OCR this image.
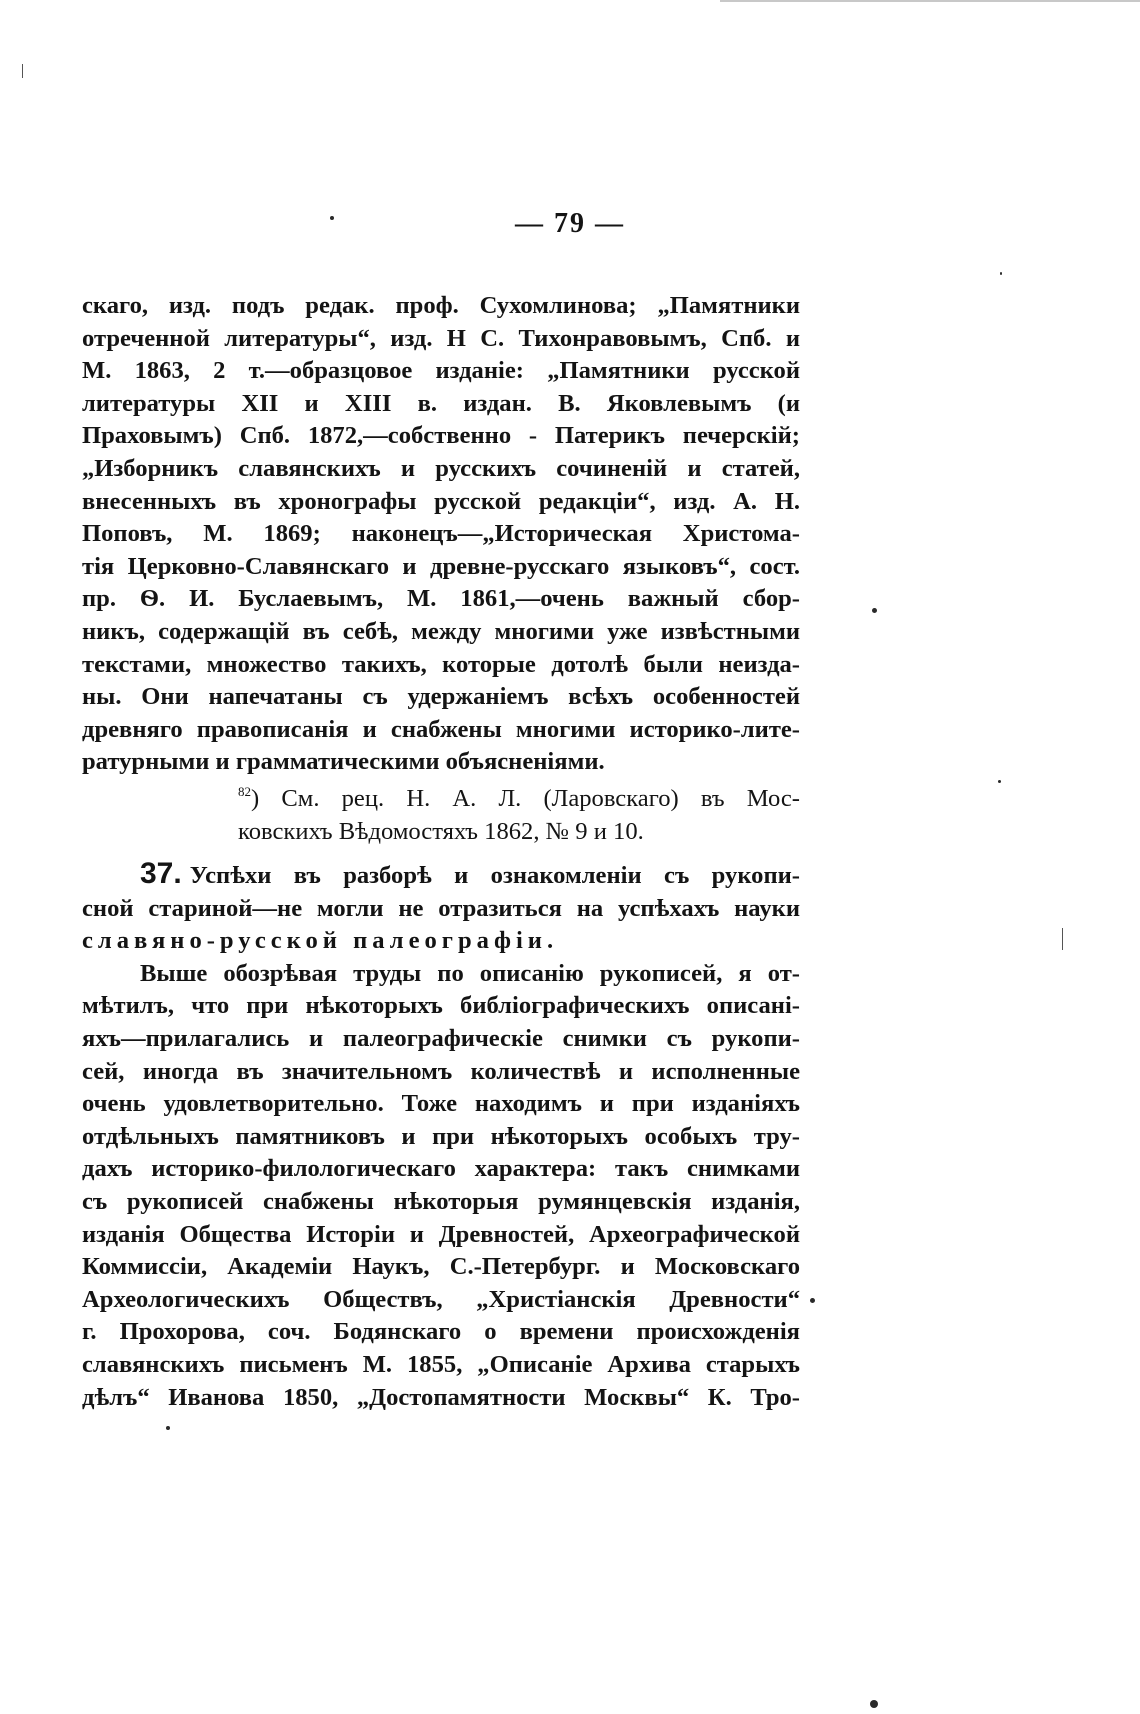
— 79 —
скаго, изд. подъ редак. проф. Сухомлинова; „Памятники
отреченной литературы“, изд. Н С. Тихонравовымъ, Спб. и
М. 1863, 2 т.—образцовое изданіе: „Памятники русской
литературы XII и XIII в. издан. В. Яковлевымъ (и
Праховымъ) Спб. 1872,—собственно - Патерикъ печерскій;
„Изборникъ славянскихъ и русскихъ сочиненій и статей,
внесенныхъ въ хронографы русской редакціи“, изд. А. Н.
Поповъ, М. 1869; наконецъ—„Историческая Христома-
тія Церковно-Славянскаго и древне-русскаго языковъ“, сост.
пр. Ѳ. И. Буслаевымъ, М. 1861,—очень важный сбор-
никъ, содержащій въ себѣ, между многими уже извѣстными
текстами, множество такихъ, которые дотолѣ были неизда-
ны. Они напечатаны съ удержаніемъ всѣхъ особенностей
древняго правописанія и снабжены многими историко-лите-
ратурными и грамматическими объясненіями.
$^{82}$) См. рец. Н. А. Л. (Ларовскаго) въ Мос-
ковскихъ Вѣдомостяхъ 1862, № 9 и 10.
37. Успѣхи въ разборѣ и ознакомленіи съ рукопи-
сной стариной—не могли не отразиться на успѣхахъ науки
славяно-русской палеографіи.
Выше обозрѣвая труды по описанію рукописей, я от-
мѣтилъ, что при нѣкоторыхъ библіографическихъ описані-
яхъ—прилагались и палеографическіе снимки съ рукопи-
сей, иногда въ значительномъ количествѣ и исполненные
очень удовлетворительно. Тоже находимъ и при изданіяхъ
отдѣльныхъ памятниковъ и при нѣкоторыхъ особыхъ тру-
дахъ историко-филологическаго характера: такъ снимками
съ рукописей снабжены нѣкоторыя румянцевскія изданія,
изданія Общества Исторіи и Древностей, Археографической
Коммиссіи, Академіи Наукъ, С.-Петербург. и Московскаго
Археологическихъ Обществъ, „Христіанскія Древности“
г. Прохорова, соч. Бодянскаго о времени происхожденія
славянскихъ письменъ М. 1855, „Описаніе Архива старыхъ
дѣлъ“ Иванова 1850, „Достопамятности Москвы“ К. Тро-
